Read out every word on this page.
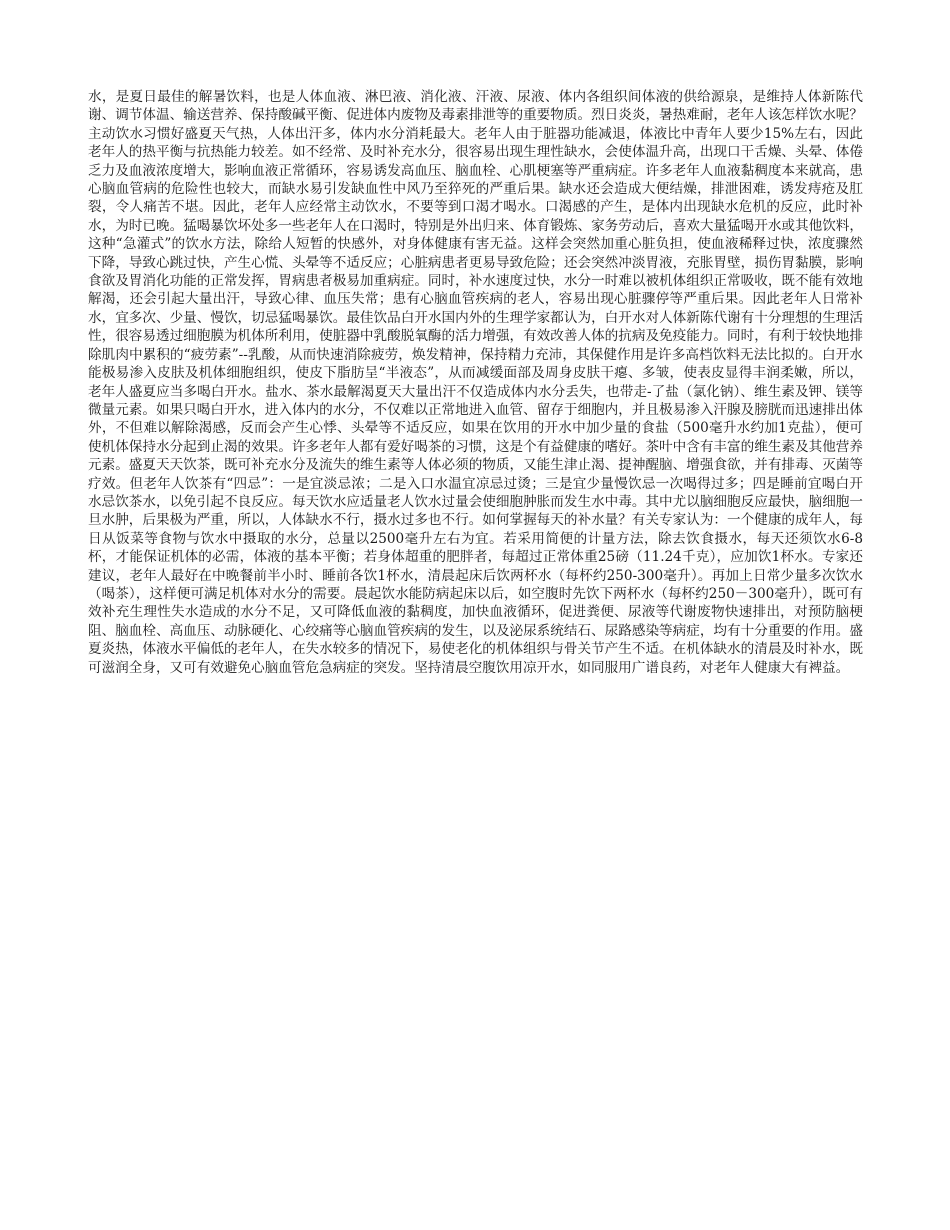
水，是夏日最佳的解暑饮料，也是人体血液、淋巴液、消化液、汗液、尿液、体内各组织间体液的供给源泉，是维持人体新陈代谢、调节体温、输送营养、保持酸碱平衡、促进体内废物及毒素排泄等的重要物质。烈日炎炎，暑热难耐，老年人该怎样饮水呢？主动饮水习惯好盛夏天气热，人体出汗多，体内水分消耗最大。老年人由于脏器功能减退，体液比中青年人要少15%左右，因此老年人的热平衡与抗热能力较差。如不经常、及时补充水分，很容易出现生理性缺水，会使体温升高，出现口干舌燥、头晕、体倦乏力及血液浓度增大，影响血液正常循环，容易诱发高血压、脑血栓、心肌梗塞等严重病症。许多老年人血液黏稠度本来就高，患心脑血管病的危险性也较大，而缺水易引发缺血性中风乃至猝死的严重后果。缺水还会造成大便结燥，排泄困难，诱发痔疮及肛裂，令人痛苦不堪。因此，老年人应经常主动饮水，不要等到口渴才喝水。口渴感的产生，是体内出现缺水危机的反应，此时补水，为时已晚。猛喝暴饮坏处多一些老年人在口渴时，特别是外出归来、体育锻炼、家务劳动后，喜欢大量猛喝开水或其他饮料，这种“急灌式”的饮水方法，除给人短暂的快感外，对身体健康有害无益。这样会突然加重心脏负担，使血液稀释过快，浓度骤然下降，导致心跳过快，产生心慌、头晕等不适反应；心脏病患者更易导致危险；还会突然冲淡胃液，充胀胃壁，损伤胃黏膜，影响食欲及胃消化功能的正常发挥，胃病患者极易加重病症。同时，补水速度过快，水分一时难以被机体组织正常吸收，既不能有效地解渴，还会引起大量出汗，导致心律、血压失常；患有心脑血管疾病的老人，容易出现心脏骤停等严重后果。因此老年人日常补水，宜多次、少量、慢饮，切忌猛喝暴饮。最佳饮品白开水国内外的生理学家都认为，白开水对人体新陈代谢有十分理想的生理活性，很容易透过细胞膜为机体所利用，使脏器中乳酸脱氧酶的活力增强，有效改善人体的抗病及免疫能力。同时，有利于较快地排除肌肉中累积的“疲劳素”--乳酸，从而快速消除疲劳，焕发精神，保持精力充沛，其保健作用是许多高档饮料无法比拟的。白开水能极易渗入皮肤及机体细胞组织，使皮下脂肪呈“半液态”，从而减缓面部及周身皮肤干瘪、多皱，使表皮显得丰润柔嫩，所以，老年人盛夏应当多喝白开水。盐水、茶水最解渴夏天大量出汗不仅造成体内水分丢失，也带走-了盐（氯化钠）、维生素及钾、镁等微量元素。如果只喝白开水，进入体内的水分，不仅难以正常地进入血管、留存于细胞内，并且极易渗入汗腺及膀胱而迅速排出体外，不但难以解除渴感，反而会产生心悸、头晕等不适反应，如果在饮用的开水中加少量的食盐（500毫升水约加1克盐），便可使机体保持水分起到止渴的效果。许多老年人都有爱好喝茶的习惯，这是个有益健康的嗜好。茶叶中含有丰富的维生素及其他营养元素。盛夏天天饮茶，既可补充水分及流失的维生素等人体必须的物质，又能生津止渴、提神醒脑、增强食欲，并有排毒、灭菌等疗效。但老年人饮茶有“四忌”：一是宜淡忌浓；二是入口水温宜凉忌过烫；三是宜少量慢饮忌一次喝得过多；四是睡前宜喝白开水忌饮茶水，以免引起不良反应。每天饮水应适量老人饮水过量会使细胞肿胀而发生水中毒。其中尤以脑细胞反应最快，脑细胞一旦水肿，后果极为严重，所以，人体缺水不行，摄水过多也不行。如何掌握每天的补水量？有关专家认为：一个健康的成年人，每日从饭菜等食物与饮水中摄取的水分，总量以2500毫升左右为宜。若采用简便的计量方法，除去饮食摄水，每天还须饮水6-8杯，才能保证机体的必需，体液的基本平衡；若身体超重的肥胖者，每超过正常体重25磅（11.24千克），应加饮1杯水。专家还建议，老年人最好在中晚餐前半小时、睡前各饮1杯水，清晨起床后饮两杯水（每杯约250-300毫升）。再加上日常少量多次饮水（喝茶），这样便可满足机体对水分的需要。晨起饮水能防病起床以后，如空腹时先饮下两杯水（每杯约250－300毫升），既可有效补充生理性失水造成的水分不足，又可降低血液的黏稠度，加快血液循环，促进粪便、尿液等代谢废物快速排出，对预防脑梗阻、脑血栓、高血压、动脉硬化、心绞痛等心脑血管疾病的发生，以及泌尿系统结石、尿路感染等病症，均有十分重要的作用。盛夏炎热，体液水平偏低的老年人，在失水较多的情况下，易使老化的机体组织与骨关节产生不适。在机体缺水的清晨及时补水，既可滋润全身，又可有效避免心脑血管危急病症的突发。坚持清晨空腹饮用凉开水，如同服用广谱良药，对老年人健康大有裨益。
